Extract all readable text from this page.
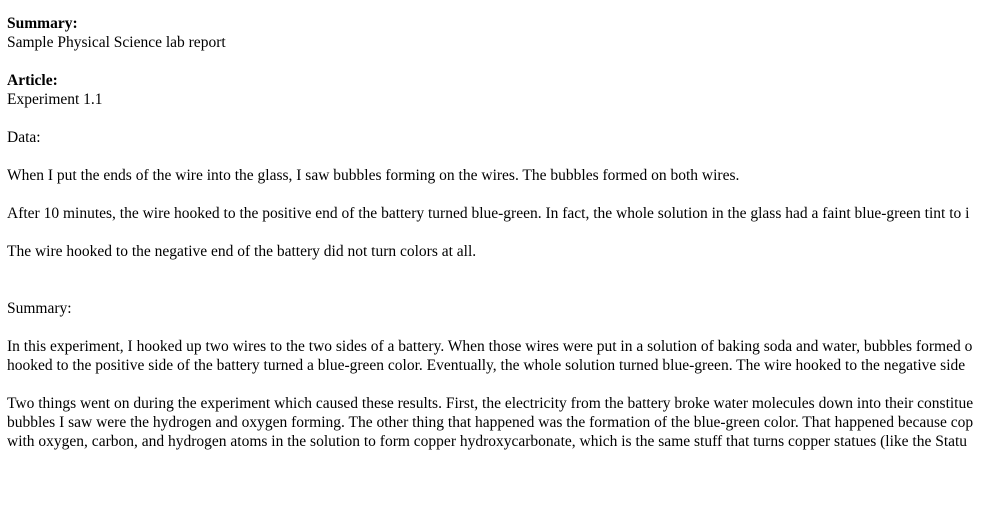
Summary:
Sample Physical Science lab report
Article:
Experiment 1.1
Data:
When I put the ends of the wire into the glass, I saw bubbles forming on the wires. The bubbles formed on both wires.
After 10 minutes, the wire hooked to the positive end of the battery turned blue-green. In fact, the whole solution in the glass had a faint blue-green tint to i
The wire hooked to the negative end of the battery did not turn colors at all.
Summary:
In this experiment, I hooked up two wires to the two sides of a battery. When those wires were put in a solution of baking soda and water, bubbles formed o
hooked to the positive side of the battery turned a blue-green color. Eventually, the whole solution turned blue-green. The wire hooked to the negative side
Two things went on during the experiment which caused these results. First, the electricity from the battery broke water molecules down into their constitue
bubbles I saw were the hydrogen and oxygen forming. The other thing that happened was the formation of the blue-green color. That happened because cop
with oxygen, carbon, and hydrogen atoms in the solution to form copper hydroxycarbonate, which is the same stuff that turns copper statues (like the Statu
